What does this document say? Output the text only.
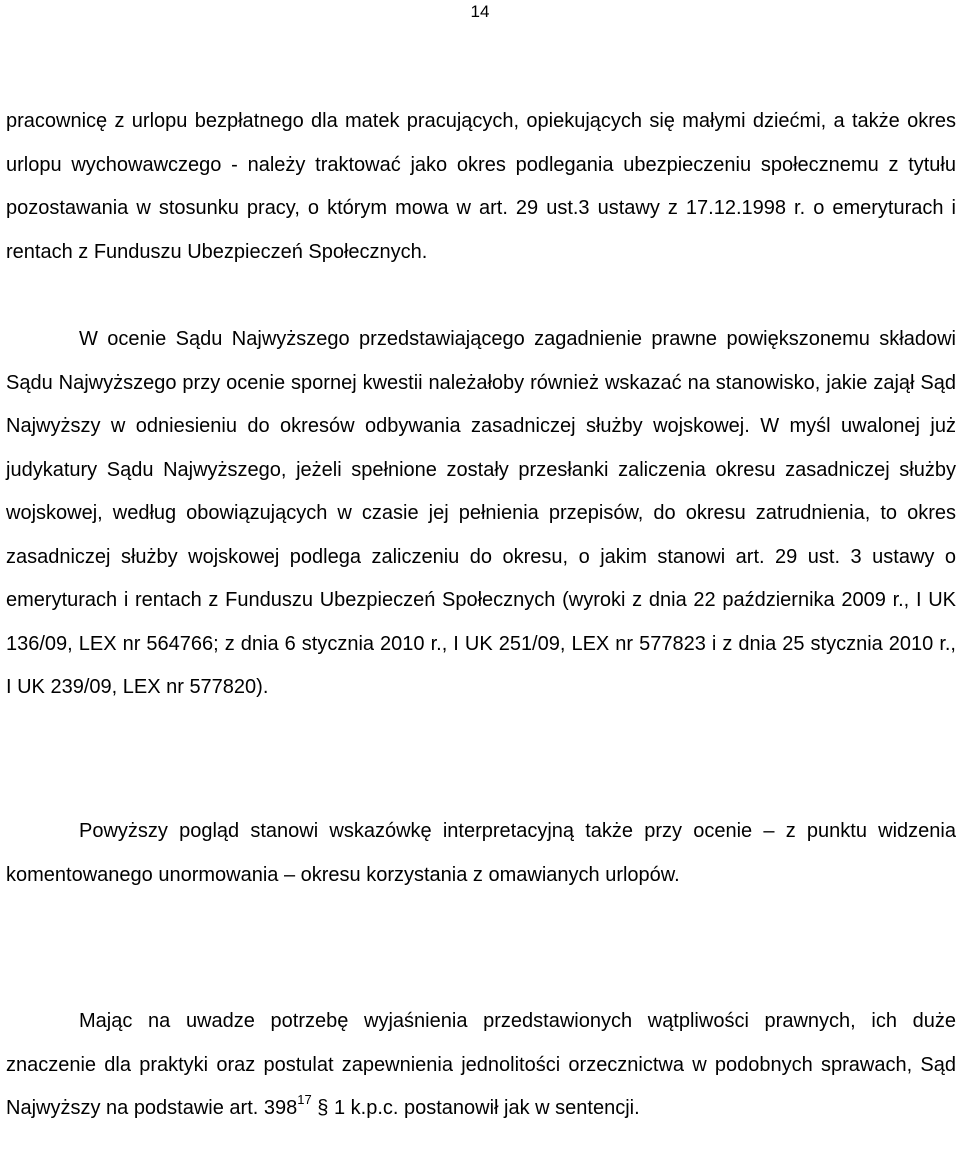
14

pracownicę z urlopu bezpłatnego dla matek pracujących, opiekujących się małymi dziećmi, a także okres urlopu wychowawczego - należy traktować jako okres podlegania ubezpieczeniu społecznemu z tytułu pozostawania w stosunku pracy, o którym mowa w art. 29 ust.3 ustawy z 17.12.1998 r. o emeryturach i rentach z Funduszu Ubezpieczeń Społecznych.

W ocenie Sądu Najwyższego przedstawiającego zagadnienie prawne powiększonemu składowi Sądu Najwyższego przy ocenie spornej kwestii należałoby również wskazać na stanowisko, jakie zajął Sąd Najwyższy w odniesieniu do okresów odbywania zasadniczej służby wojskowej. W myśl uwalonej już judykatury Sądu Najwyższego, jeżeli spełnione zostały przesłanki zaliczenia okresu zasadniczej służby wojskowej, według obowiązujących w czasie jej pełnienia przepisów, do okresu zatrudnienia, to okres zasadniczej służby wojskowej podlega zaliczeniu do okresu, o jakim stanowi art. 29 ust. 3 ustawy o emeryturach i rentach z Funduszu Ubezpieczeń Społecznych (wyroki z dnia 22 października 2009 r., I UK 136/09, LEX nr 564766; z dnia 6 stycznia 2010 r., I UK 251/09, LEX nr 577823 i z dnia 25 stycznia 2010 r., I UK 239/09, LEX nr 577820).

Powyższy pogląd stanowi wskazówkę interpretacyjną także przy ocenie – z punktu widzenia komentowanego unormowania – okresu korzystania z omawianych urlopów.

Mając na uwadze potrzebę wyjaśnienia przedstawionych wątpliwości prawnych, ich duże znaczenie dla praktyki oraz postulat zapewnienia jednolitości orzecznictwa w podobnych sprawach, Sąd Najwyższy na podstawie art. $398^{17}$ § 1 k.p.c. postanowił jak w sentencji.
